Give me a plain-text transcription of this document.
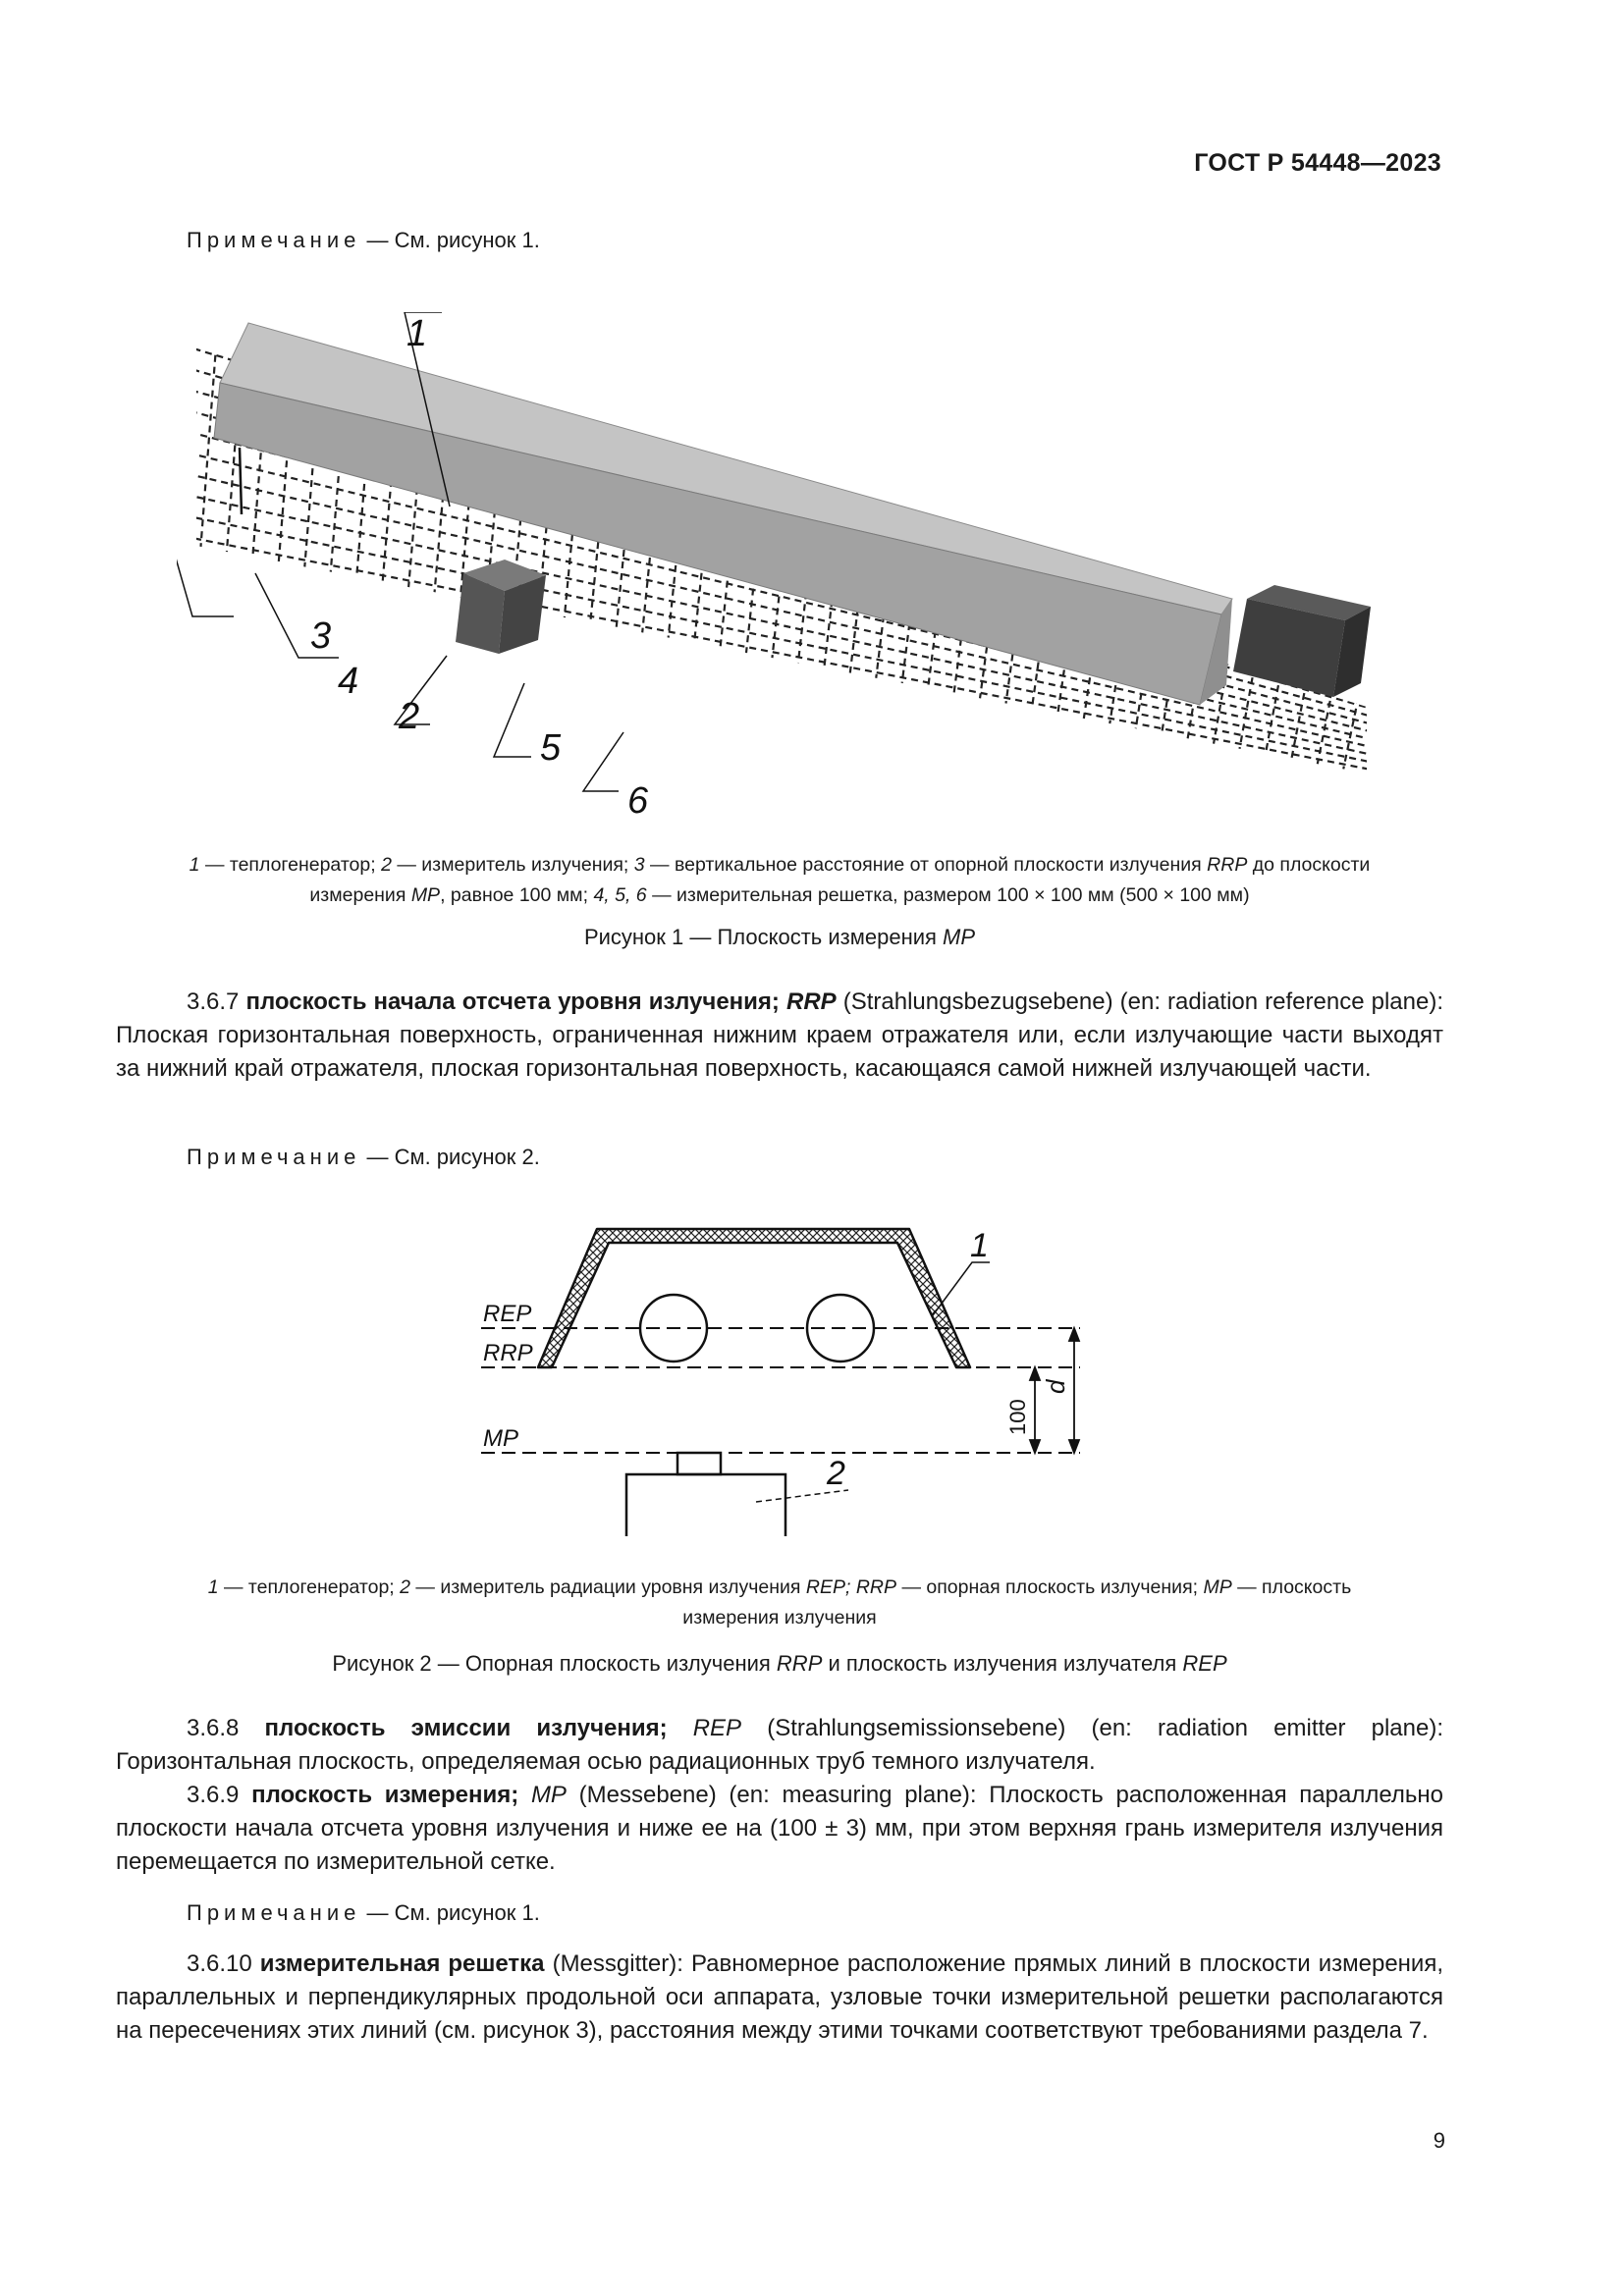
ГОСТ Р 54448—2023
Примечание — См. рисунок 1.
1
2
3
4
5
6
1 — теплогенератор; 2 — измеритель излучения; 3 — вертикальное расстояние от опорной плоскости излучения RRP до плоскости
измерения MP, равное 100 мм; 4, 5, 6 — измерительная решетка, размером 100 × 100 мм (500 × 100 мм)
Рисунок 1 — Плоскость измерения MP

3.6.7 плоскость начала отсчета уровня излучения; RRP (Strahlungsbezugsebene) (en: radiation reference plane): Плоская горизонтальная поверхность, ограниченная нижним краем отражателя или, если излучающие части выходят за нижний край отражателя, плоская горизонтальная поверхность, касающаяся самой нижней излучающей части.

Примечание — См. рисунок 2.
REP
RRP
MP
1
2
d
100
1 — теплогенератор; 2 — измеритель радиации уровня излучения REP; RRP — опорная плоскость излучения; MP — плоскость
измерения излучения
Рисунок 2 — Опорная плоскость излучения RRP и плоскость излучения излучателя REP

3.6.8 плоскость эмиссии излучения; REP (Strahlungsemissionsebene) (en: radiation emitter plane): Горизонтальная плоскость, определяемая осью радиационных труб темного излучателя.

3.6.9 плоскость измерения; MP (Messebene) (en: measuring plane): Плоскость расположенная параллельно плоскости начала отсчета уровня излучения и ниже ее на (100 ± 3) мм, при этом верхняя грань измерителя излучения перемещается по измерительной сетке.

Примечание — См. рисунок 1.

3.6.10 измерительная решетка (Messgitter): Равномерное расположение прямых линий в плоскости измерения, параллельных и перпендикулярных продольной оси аппарата, узловые точки измерительной решетки располагаются на пересечениях этих линий (см. рисунок 3), расстояния между этими точками соответствуют требованиями раздела 7.

9
